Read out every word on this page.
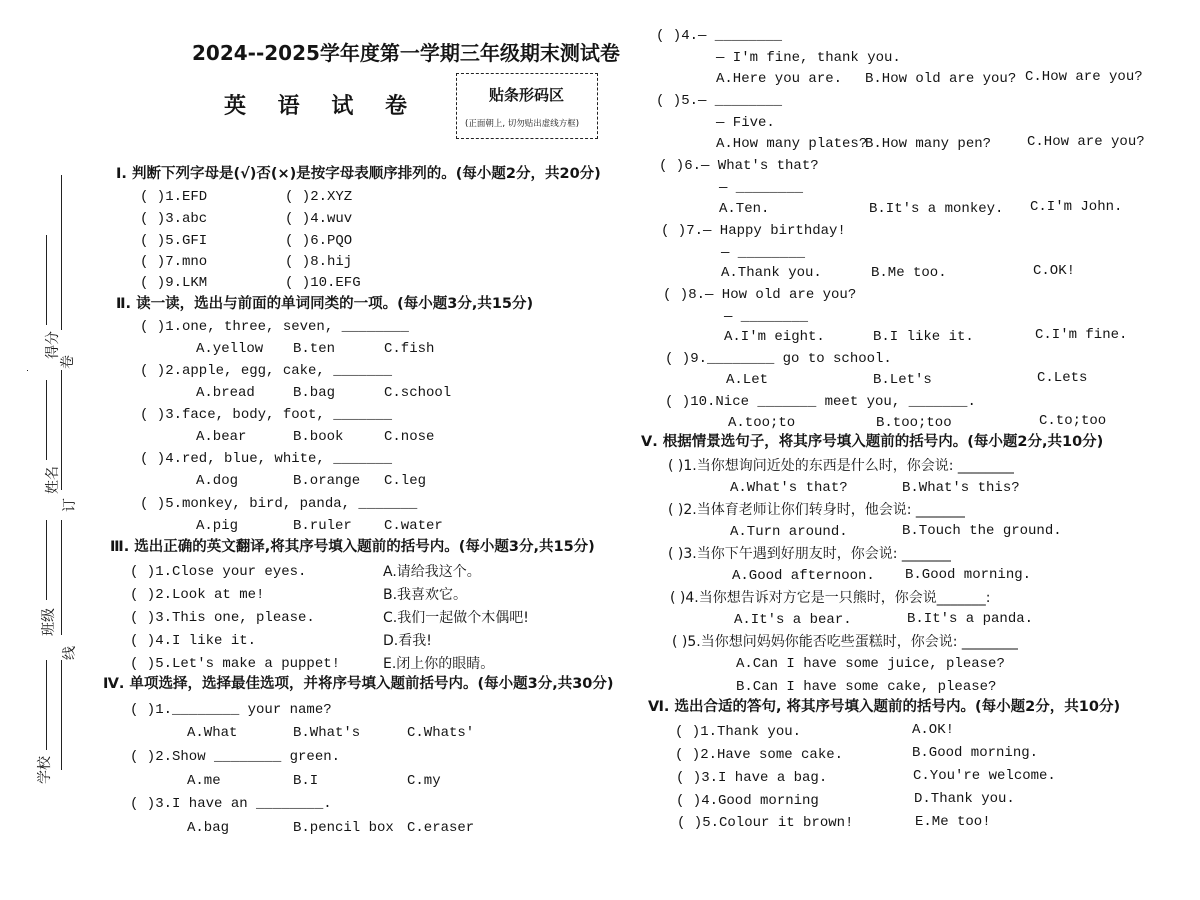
2024--2025学年度第一学期三年级期末测试卷
英 语 试 卷	贴条形码区
(正面朝上, 切勿贴出虚线方框)
得分
卷
姓名
订
班级
线
学校
Ⅰ. 判断下列字母是(√)否(×)是按字母表顺序排列的。(每小题2分，共20分)
( )1.EFD	( )2.XYZ
( )3.abc	( )4.wuv
( )5.GFI	( )6.PQO
( )7.mno	( )8.hij
( )9.LKM	( )10.EFG
Ⅱ. 读一读，选出与前面的单词同类的一项。(每小题3分,共15分)
( )1.one, three, seven, ________
A.yellow B.ten	C.fish
( )2.apple, egg, cake, _______
A.bread	B.bag	C.school
( )3.face, body, foot, _______
A.bear	B.book	C.nose
( )4.red, blue, white, _______
A.dog	B.orange C.leg
( )5.monkey, bird, panda, _______
A.pig	B.ruler C.water
Ⅲ. 选出正确的英文翻译,将其序号填入题前的括号内。(每小题3分,共15分)
( )1.Close your eyes.	A.请给我这个。
( )2.Look at me!	B.我喜欢它。
( )3.This one, please.	C.我们一起做个木偶吧!
( )4.I like it.	D.看我!
( )5.Let's make a puppet!	E.闭上你的眼睛。
Ⅳ. 单项选择，选择最佳选项，并将序号填入题前括号内。(每小题3分,共30分)
( )1.________ your name?
A.What	B.What's	C.Whats'
( )2.Show ________ green.
A.me	B.I	C.my
( )3.I have an ________.
A.bag	B.pencil box C.eraser
( )4.— ________
— I'm fine, thank you.
A.Here you are. B.How old are you? C.How are you?
( )5.— ________
— Five.
A.How many plates?
B.How many pen?	C.How are you?
( )6.— What's that?
— ________
A.Ten.	B.It's a monkey. C.I'm John.
( )7.— Happy birthday!
— ________
A.Thank you.	B.Me too.	C.OK!
( )8.— How old are you?
— ________
A.I'm eight.	B.I like it.	C.I'm fine.
( )9.________ go to school.
A.Let	B.Let's	C.Lets
( )10.Nice _______ meet you, _______.
A.too;to	B.too;too	C.to;too
Ⅴ. 根据情景选句子，将其序号填入题前的括号内。(每小题2分,共10分)
( )1.当你想询问近处的东西是什么时，你会说: ________
A.What's that?	B.What's this?
( )2.当体育老师让你们转身时，他会说: _______
A.Turn around.	B.Touch the ground.
( )3.当你下午遇到好朋友时，你会说: _______
A.Good afternoon. B.Good morning.
( )4.当你想告诉对方它是一只熊时，你会说_______:
A.It's a bear.	B.It's a panda.
( )5.当你想问妈妈你能否吃些蛋糕时，你会说: ________
A.Can I have some juice, please?
B.Can I have some cake, please?
Ⅵ. 选出合适的答句, 将其序号填入题前的括号内。(每小题2分，共10分)
( )1.Thank you.	A.OK!
( )2.Have some cake.	B.Good morning.
( )3.I have a bag.	C.You're welcome.
( )4.Good morning	D.Thank you.
( )5.Colour it brown!	E.Me too!
